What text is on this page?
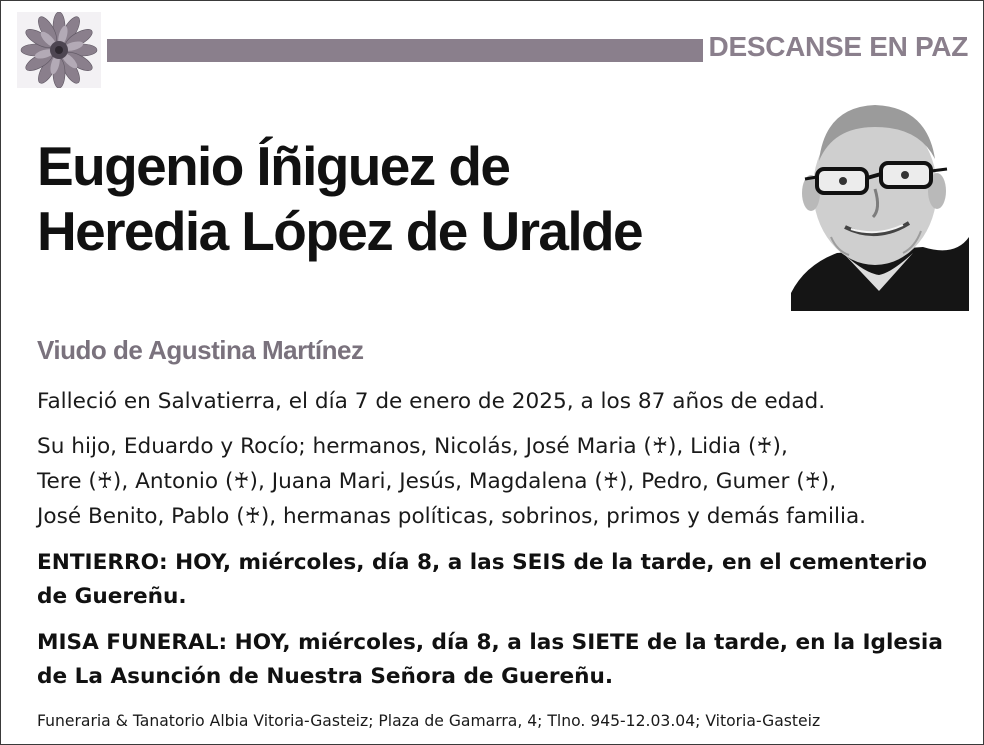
DESCANSE EN PAZ
Eugenio Íñiguez de
Heredia López de Uralde
Viudo de Agustina Martínez

Falleció en Salvatierra, el día 7 de enero de 2025, a los 87 años de edad.

Su hijo, Eduardo y Rocío; hermanos, Nicolás, José Maria (♰), Lidia (♰),
Tere (♰), Antonio (♰), Juana Mari, Jesús, Magdalena (♰), Pedro, Gumer (♰),
José Benito, Pablo (♰), hermanas políticas, sobrinos, primos y demás familia.

ENTIERRO: HOY, miércoles, día 8, a las SEIS de la tarde, en el cementerio de Guereñu.

MISA FUNERAL: HOY, miércoles, día 8, a las SIETE de la tarde, en la Iglesia de La Asunción de Nuestra Señora de Guereñu.

Funeraria & Tanatorio Albia Vitoria-Gasteiz; Plaza de Gamarra, 4; Tlno. 945-12.03.04; Vitoria-Gasteiz
